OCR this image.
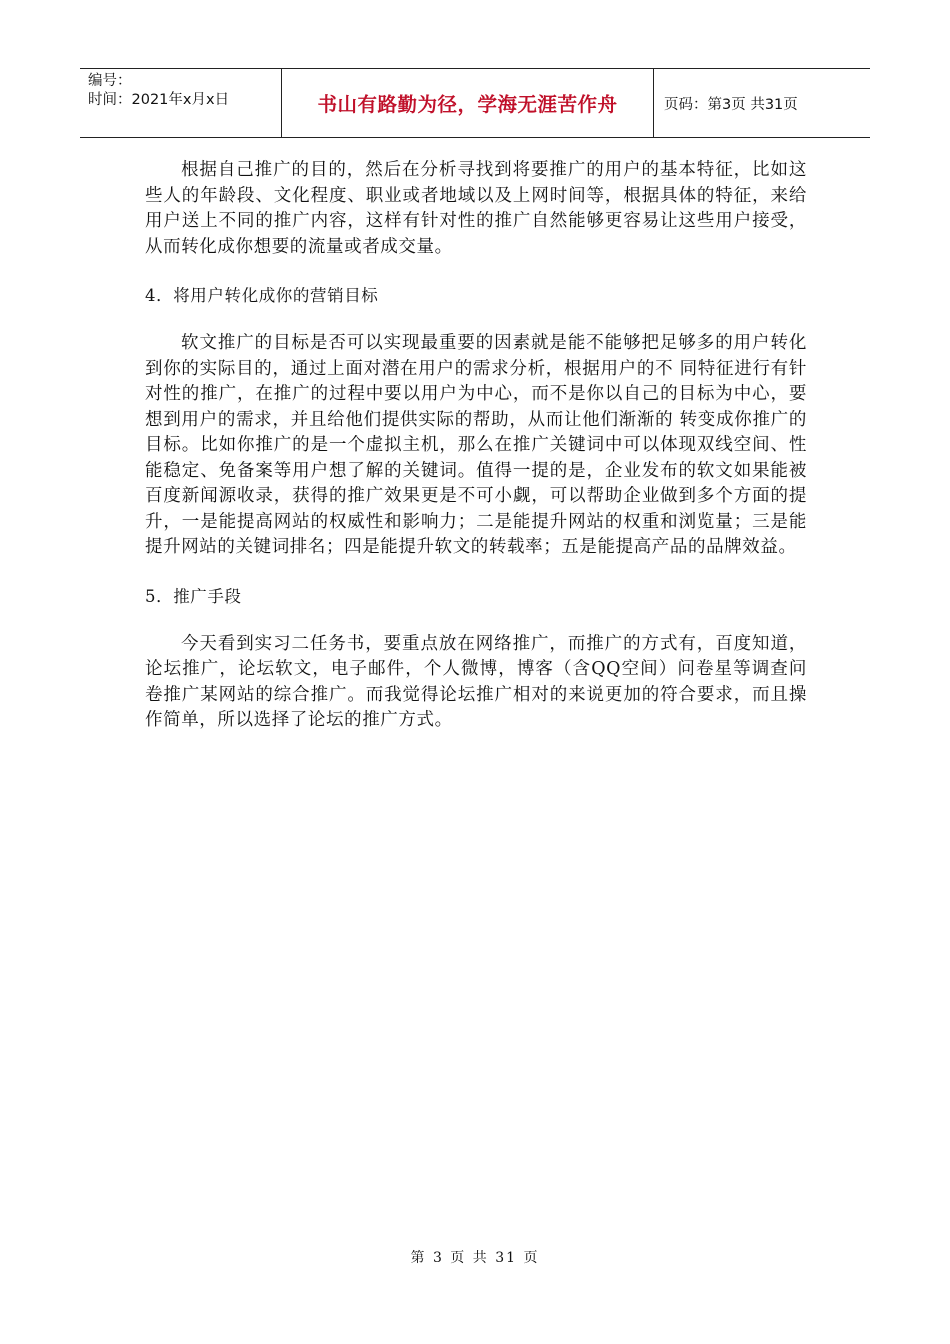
编号：
时间：2021年x月x日	书山有路勤为径，学海无涯苦作舟	页码：第3页 共31页

根据自己推广的目的，然后在分析寻找到将要推广的用户的基本特征，比如这些人的年龄段、文化程度、职业或者地域以及上网时间等，根据具体的特征，来给用户送上不同的推广内容，这样有针对性的推广自然能够更容易让这些用户接受，从而转化成你想要的流量或者成交量。

4．将用户转化成你的营销目标

软文推广的目标是否可以实现最重要的因素就是能不能够把足够多的用户转化到你的实际目的，通过上面对潜在用户的需求分析，根据用户的不 同特征进行有针对性的推广，在推广的过程中要以用户为中心，而不是你以自己的目标为中心，要想到用户的需求，并且给他们提供实际的帮助，从而让他们渐渐的 转变成你推广的目标。比如你推广的是一个虚拟主机，那么在推广关键词中可以体现双线空间、性能稳定、免备案等用户想了解的关键词。值得一提的是，企业发布的软文如果能被百度新闻源收录，获得的推广效果更是不可小觑，可以帮助企业做到多个方面的提升，一是能提高网站的权威性和影响力；二是能提升网站的权重和浏览量；三是能提升网站的关键词排名；四是能提升软文的转载率；五是能提高产品的品牌效益。

5．推广手段

今天看到实习二任务书，要重点放在网络推广，而推广的方式有，百度知道，论坛推广，论坛软文，电子邮件，个人微博，博客（含QQ空间）问卷星等调查问卷推广某网站的综合推广。而我觉得论坛推广相对的来说更加的符合要求，而且操作简单，所以选择了论坛的推广方式。

第 3 页 共 31 页
